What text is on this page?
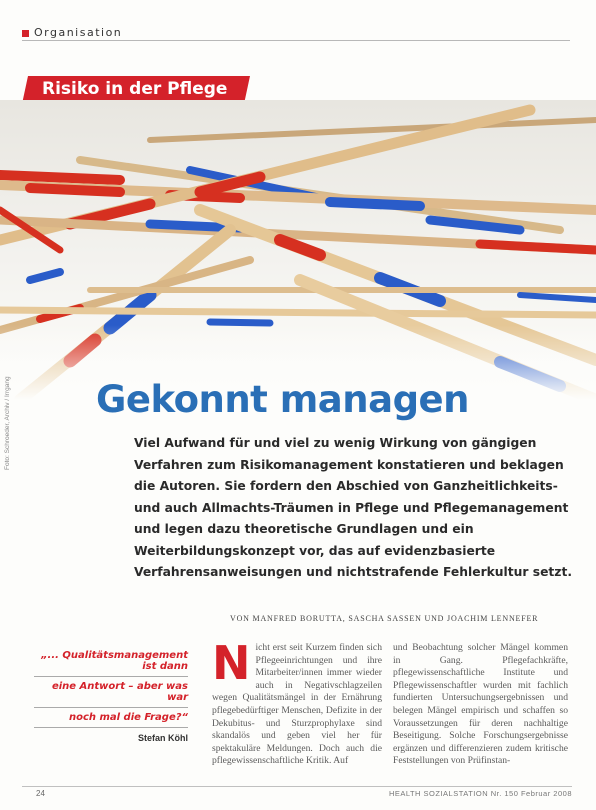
Organisation
Risiko in der Pflege
Foto: Schroeder, Archiv / Irrgang Gekonnt managen
Viel Aufwand für und viel zu wenig Wirkung von gängigen Verfahren zum Risikomanagement konstatieren und beklagen die Autoren. Sie fordern den Abschied von Ganzheitlichkeits- und auch Allmachts-Träumen in Pflege und Pflegemanagement und legen dazu theoretische Grundlagen und ein Weiterbildungskonzept vor, das auf evidenzbasierte Verfahrensanweisungen und nichtstrafende Fehlerkultur setzt.
VON MANFRED BORUTTA, SASCHA SASSEN UND JOACHIM LENNEFER
„... Qualitätsmanagement ist dann
eine Antwort – aber was war
noch mal die Frage?“
Stefan Köhl
N icht erst seit Kurzem finden sich Pflegeeinrichtungen und ihre Mitarbeiter/innen immer wieder auch in Negativschlagzeilen wegen Qualitätsmängel in der Ernährung pflegebedürftiger Menschen, Defizite in der Dekubitus- und Sturzprophylaxe sind skandalös und geben viel her für spektakuläre Meldungen. Doch auch die pflegewissenschaftliche Kritik. Auf

und Beobachtung solcher Mängel kommen in Gang. Pflegefachkräfte, pflegewissenschaftliche Institute und Pflegewissenschaftler wurden mit fachlich fundierten Untersuchungsergebnissen und belegen Mängel empirisch und schaffen so Voraussetzungen für deren nachhaltige Beseitigung. Solche Forschungsergebnisse ergänzen und differenzieren zudem kritische Feststellungen von Prüfinstan-

24	HEALTH SOZIALSTATION Nr. 150 Februar 2008
